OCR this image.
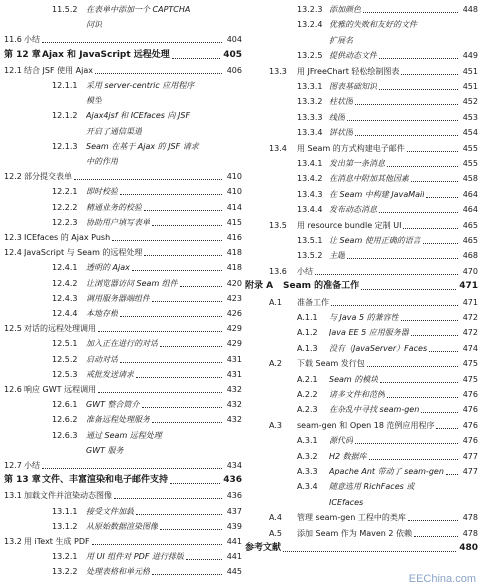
11.5.2 在表单中添加一个 CAPTCHA
问识
11.6 小结	404
第 12 章 Ajax 和 JavaScript 远程处理	405
12.1 结合 JSF 使用 Ajax	406
12.1.1 采用 server-centric 应用程序
模型
12.1.2 Ajax4jsf 和 ICEfaces 向 JSF
开启了通信渠道
12.1.3 Seam 在基于 Ajax 的 JSF 请求
中的作用
12.2 部分提交表单	410
12.2.1 即时校验	410
12.2.2 精通业务的校验	414
12.2.3 协助用户填写表单	415
12.3 ICEfaces 的 Ajax Push	416
12.4 JavaScript 与 Seam 的远程处理	418
12.4.1 透明的 Ajax	418
12.4.2 让浏览器访问 Seam 组件	420
12.4.3 调用服务器端组件	423
12.4.4 本地存根	426
12.5 对话的远程处理调用	429
12.5.1 加入正在进行的对话	429
12.5.2 启动对话	431
12.5.3 戒批发送请求	431
12.6 响应 GWT 远程调用	432
12.6.1 GWT 整合简介	432
12.6.2 准备远程处理服务	432
12.6.3 通过 Seam 远程处理
GWT 服务
12.7 小结	434
第 13 章 文件、丰富渲染和电子邮件支持	436
13.1 加载文件并渲染动态图像	436
13.1.1 接受文件加载	437
13.1.2 从原始数据渲染图像	439
13.2 用 iText 生成 PDF	441
13.2.1 用 UI 组件对 PDF 进行排版	441
13.2.2 处理表格和单元格	445
13.2.3 添加颜色	448
13.2.4 优雅的失败和友好的文件
扩展名
13.2.5 提供动态文件	449
13.3 用 JFreeChart 轻松绘制图表	451
13.3.1 图表基础知识	451
13.3.2 柱状图	452
13.3.3 线图	453
13.3.4 饼状图	454
13.4 用 Seam 的方式构建电子邮件	455
13.4.1 发出第一条消息	455
13.4.2 在消息中附加其他因素	458
13.4.3 在 Seam 中构建 JavaMail	464
13.4.4 发布动态消息	464
13.5 用 resource bundle 定制 UI	465
13.5.1 让 Seam 使用正确的语言	465
13.5.2 主题	468
13.6 小结	470
附录 A Seam 的准备工作	471
A.1 准备工作	471
A.1.1 与 Java 5 的兼容性	472
A.1.2 Java EE 5 应用服务器	472
A.1.3 没有（JavaServer）Faces	474
A.2 下载 Seam 发行包	475
A.2.1 Seam 的模块	475
A.2.2 诸多文件和范例	476
A.2.3 在杂乱中寻找 seam-gen	476
A.3 seam-gen 和 Open 18 范例应用程序	476
A.3.1 源代码	476
A.3.2 H2 数据库	477
A.3.3 Apache Ant 带动了 seam-gen 477
A.3.4 随意选用 RichFaces 或
ICEfaces
A.4 管理 seam-gen 工程中的类库	478
A.5 添加 Seam 作为 Maven 2 依赖	478
参考文献	480
EEChina.com
